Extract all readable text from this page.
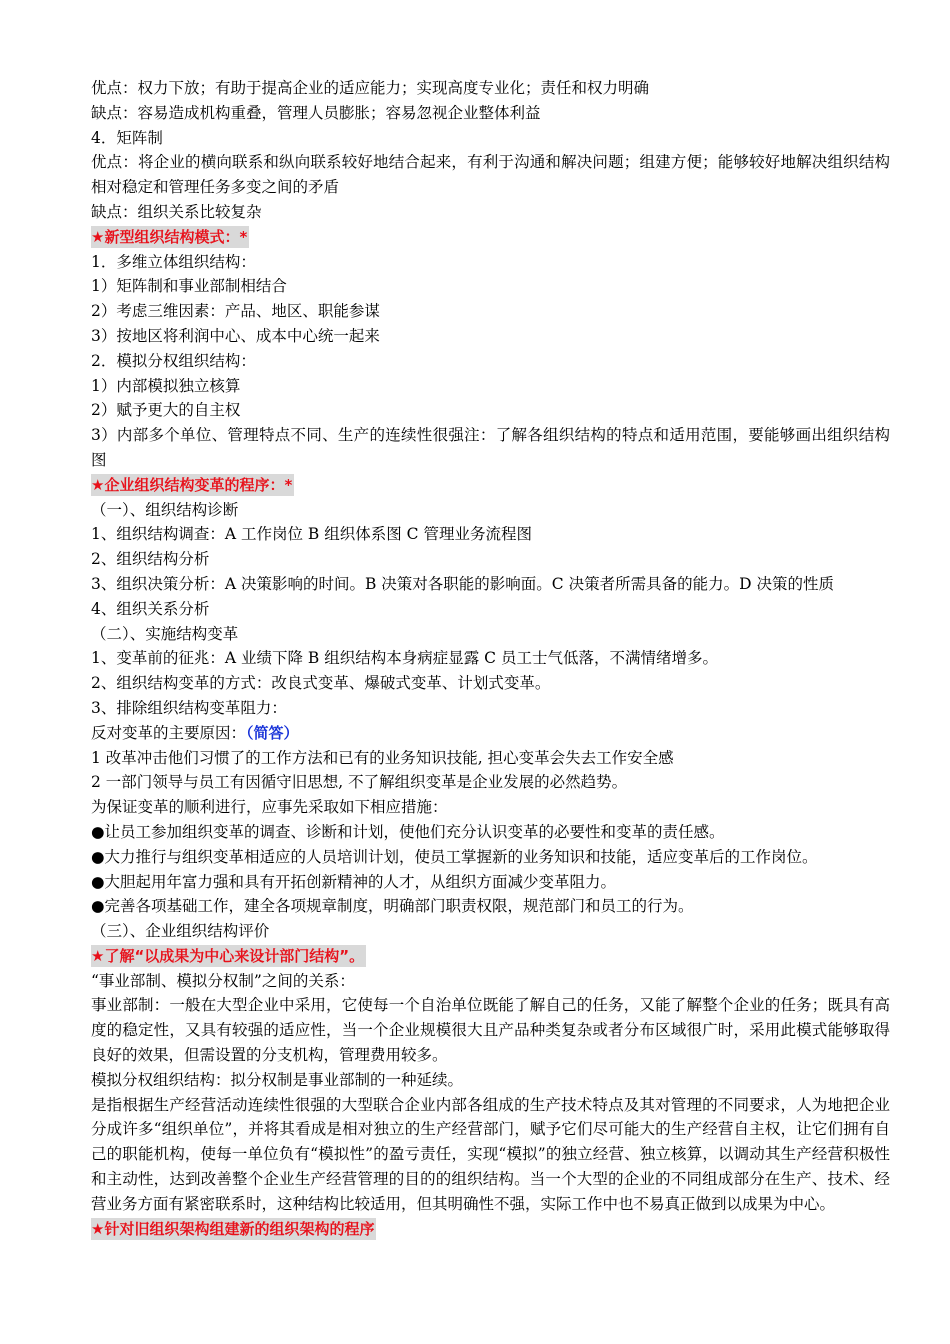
优点：权力下放；有助于提高企业的适应能力；实现高度专业化；责任和权力明确

缺点：容易造成机构重叠，管理人员膨胀；容易忽视企业整体利益

4．矩阵制

优点：将企业的横向联系和纵向联系较好地结合起来，有利于沟通和解决问题；组建方便；能够较好地解决组织结构相对稳定和管理任务多变之间的矛盾

缺点：组织关系比较复杂

★新型组织结构模式：*

1．多维立体组织结构：

1）矩阵制和事业部制相结合

2）考虑三维因素：产品、地区、职能参谋

3）按地区将利润中心、成本中心统一起来

2．模拟分权组织结构：

1）内部模拟独立核算

2）赋予更大的自主权

3）内部多个单位、管理特点不同、生产的连续性很强注：了解各组织结构的特点和适用范围，要能够画出组织结构图

★企业组织结构变革的程序：*

（一）、组织结构诊断

1、组织结构调查：A 工作岗位 B 组织体系图 C 管理业务流程图

2、组织结构分析

3、组织决策分析：A 决策影响的时间。B 决策对各职能的影响面。C 决策者所需具备的能力。D 决策的性质

4、组织关系分析

（二）、实施结构变革

1、变革前的征兆：A 业绩下降 B 组织结构本身病症显露 C 员工士气低落，不满情绪增多。

2、组织结构变革的方式：改良式变革、爆破式变革、计划式变革。

3、排除组织结构变革阻力：

反对变革的主要原因：（简答）

1 改革冲击他们习惯了的工作方法和已有的业务知识技能, 担心变革会失去工作安全感

2 一部门领导与员工有因循守旧思想, 不了解组织变革是企业发展的必然趋势。

为保证变革的顺利进行，应事先采取如下相应措施：

●让员工参加组织变革的调查、诊断和计划，使他们充分认识变革的必要性和变革的责任感。

●大力推行与组织变革相适应的人员培训计划，使员工掌握新的业务知识和技能，适应变革后的工作岗位。

●大胆起用年富力强和具有开拓创新精神的人才，从组织方面减少变革阻力。

●完善各项基础工作，建全各项规章制度，明确部门职责权限，规范部门和员工的行为。

（三）、企业组织结构评价

★了解“以成果为中心来设计部门结构”。

“事业部制、模拟分权制”之间的关系：

事业部制：一般在大型企业中采用，它使每一个自治单位既能了解自己的任务，又能了解整个企业的任务；既具有高度的稳定性，又具有较强的适应性，当一个企业规模很大且产品种类复杂或者分布区域很广时，采用此模式能够取得良好的效果，但需设置的分支机构，管理费用较多。

模拟分权组织结构：拟分权制是事业部制的一种延续。

是指根据生产经营活动连续性很强的大型联合企业内部各组成的生产技术特点及其对管理的不同要求，人为地把企业分成许多“组织单位”，并将其看成是相对独立的生产经营部门，赋予它们尽可能大的生产经营自主权，让它们拥有自己的职能机构，使每一单位负有“模拟性”的盈亏责任，实现“模拟”的独立经营、独立核算，以调动其生产经营积极性和主动性，达到改善整个企业生产经营管理的目的的组织结构。当一个大型的企业的不同组成部分在生产、技术、经营业务方面有紧密联系时，这种结构比较适用，但其明确性不强，实际工作中也不易真正做到以成果为中心。

★针对旧组织架构组建新的组织架构的程序
